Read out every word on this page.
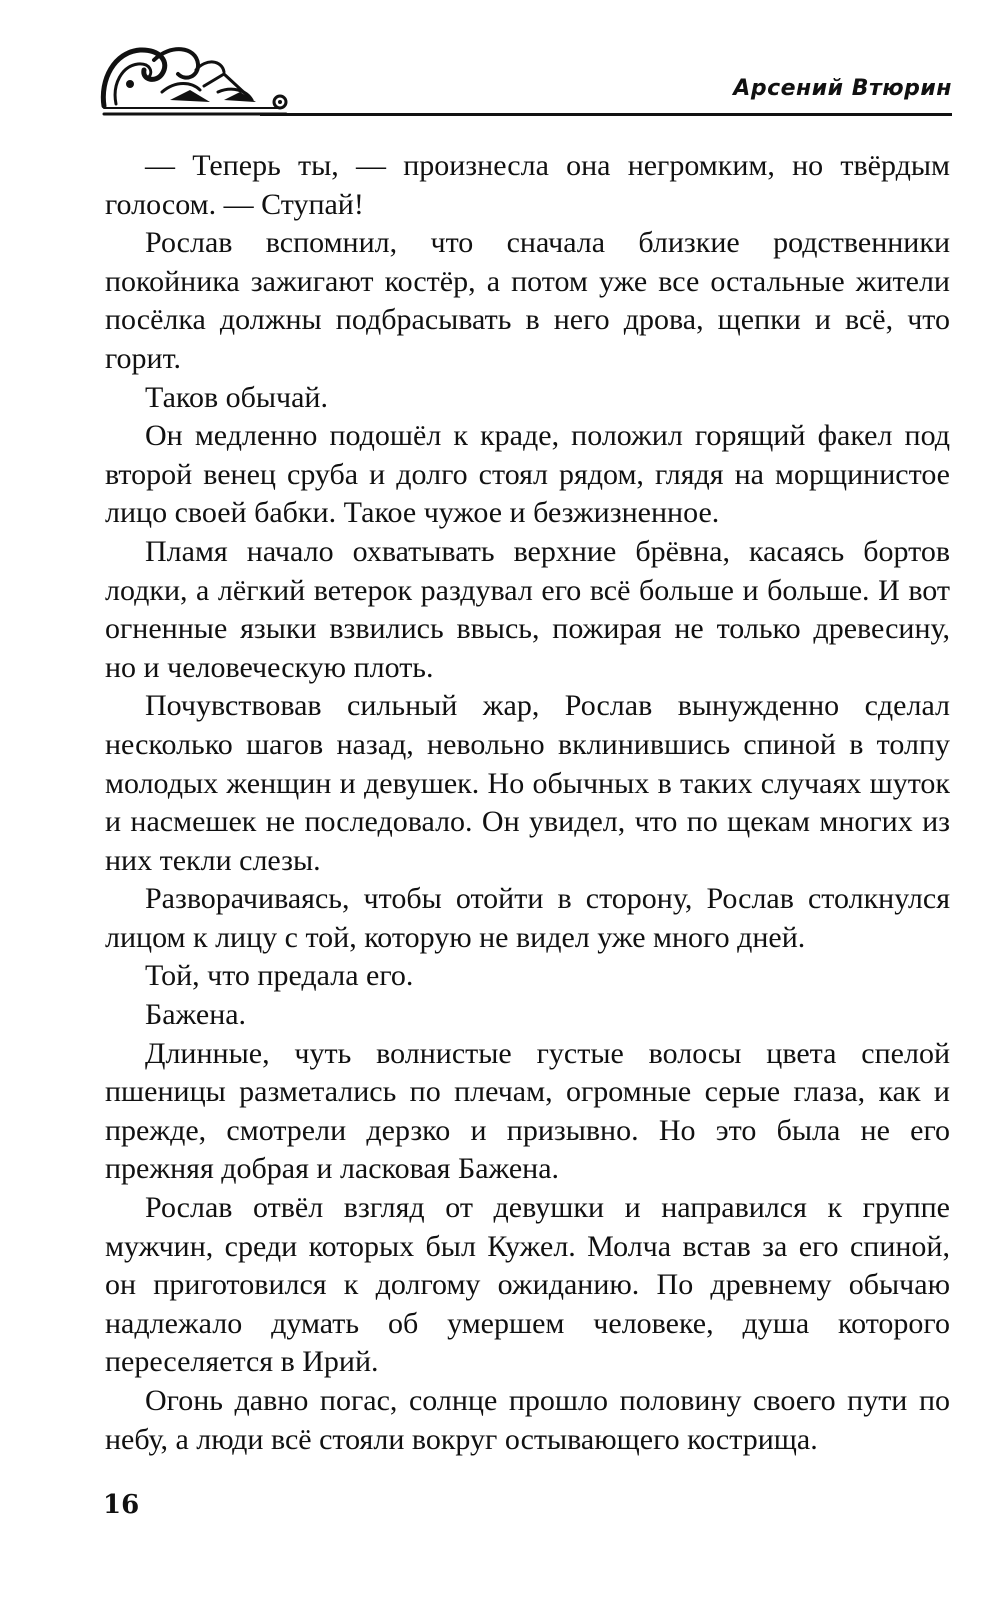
Арсений Втюрин

— Теперь ты, — произнесла она негромким, но твёрдым голосом. — Ступай!

Рослав вспомнил, что сначала близкие родственники покойника зажигают костёр, а потом уже все остальные жители посёлка должны подбрасывать в него дрова, щепки и всё, что горит.

Таков обычай.

Он медленно подошёл к краде, положил горящий факел под второй венец сруба и долго стоял рядом, глядя на морщинистое лицо своей бабки. Такое чужое и безжизненное.

Пламя начало охватывать верхние брёвна, касаясь бортов лодки, а лёгкий ветерок раздувал его всё больше и больше. И вот огненные языки взвились ввысь, пожирая не только древесину, но и человеческую плоть.

Почувствовав сильный жар, Рослав вынужденно сделал несколько шагов назад, невольно вклинившись спиной в толпу молодых женщин и девушек. Но обычных в таких случаях шуток и насмешек не последовало. Он увидел, что по щекам многих из них текли слезы.

Разворачиваясь, чтобы отойти в сторону, Рослав столкнулся лицом к лицу с той, которую не видел уже много дней.

Той, что предала его.

Бажена.

Длинные, чуть волнистые густые волосы цвета спелой пшеницы разметались по плечам, огромные серые глаза, как и прежде, смотрели дерзко и призывно. Но это была не его прежняя добрая и ласковая Бажена.

Рослав отвёл взгляд от девушки и направился к группе мужчин, среди которых был Кужел. Молча встав за его спиной, он приготовился к долгому ожиданию. По древнему обычаю надлежало думать об умершем человеке, душа которого переселяется в Ирий.

Огонь давно погас, солнце прошло половину своего пути по небу, а люди всё стояли вокруг остывающего кострища.

16
